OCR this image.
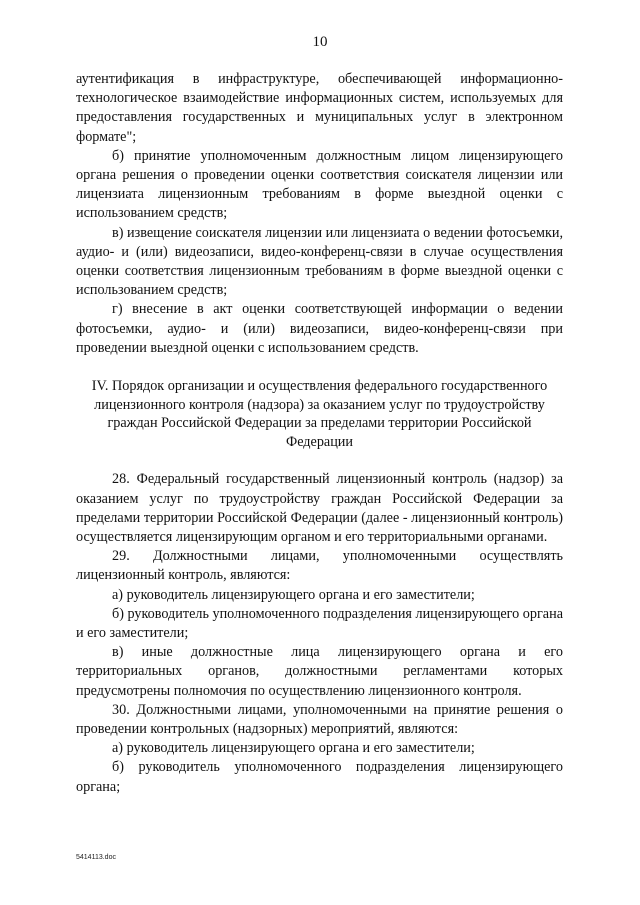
10

аутентификация в инфраструктуре, обеспечивающей информационно-технологическое взаимодействие информационных систем, используемых для предоставления государственных и муниципальных услуг в электронном формате";

б) принятие уполномоченным должностным лицом лицензирующего органа решения о проведении оценки соответствия соискателя лицензии или лицензиата лицензионным требованиям в форме выездной оценки с использованием средств;

в) извещение соискателя лицензии или лицензиата о ведении фотосъемки, аудио- и (или) видеозаписи, видео-конференц-связи в случае осуществления оценки соответствия лицензионным требованиям в форме выездной оценки с использованием средств;

г) внесение в акт оценки соответствующей информации о ведении фотосъемки, аудио- и (или) видеозаписи, видео-конференц-связи при проведении выездной оценки с использованием средств.

IV. Порядок организации и осуществления федерального государственного лицензионного контроля (надзора) за оказанием услуг по трудоустройству граждан Российской Федерации за пределами территории Российской Федерации

28. Федеральный государственный лицензионный контроль (надзор) за оказанием услуг по трудоустройству граждан Российской Федерации за пределами территории Российской Федерации (далее - лицензионный контроль) осуществляется лицензирующим органом и его территориальными органами.

29. Должностными лицами, уполномоченными осуществлять лицензионный контроль, являются:

а) руководитель лицензирующего органа и его заместители;

б) руководитель уполномоченного подразделения лицензирующего органа и его заместители;

в) иные должностные лица лицензирующего органа и его территориальных органов, должностными регламентами которых предусмотрены полномочия по осуществлению лицензионного контроля.

30. Должностными лицами, уполномоченными на принятие решения о проведении контрольных (надзорных) мероприятий, являются:

а) руководитель лицензирующего органа и его заместители;

б) руководитель уполномоченного подразделения лицензирующего органа;

5414113.doc
